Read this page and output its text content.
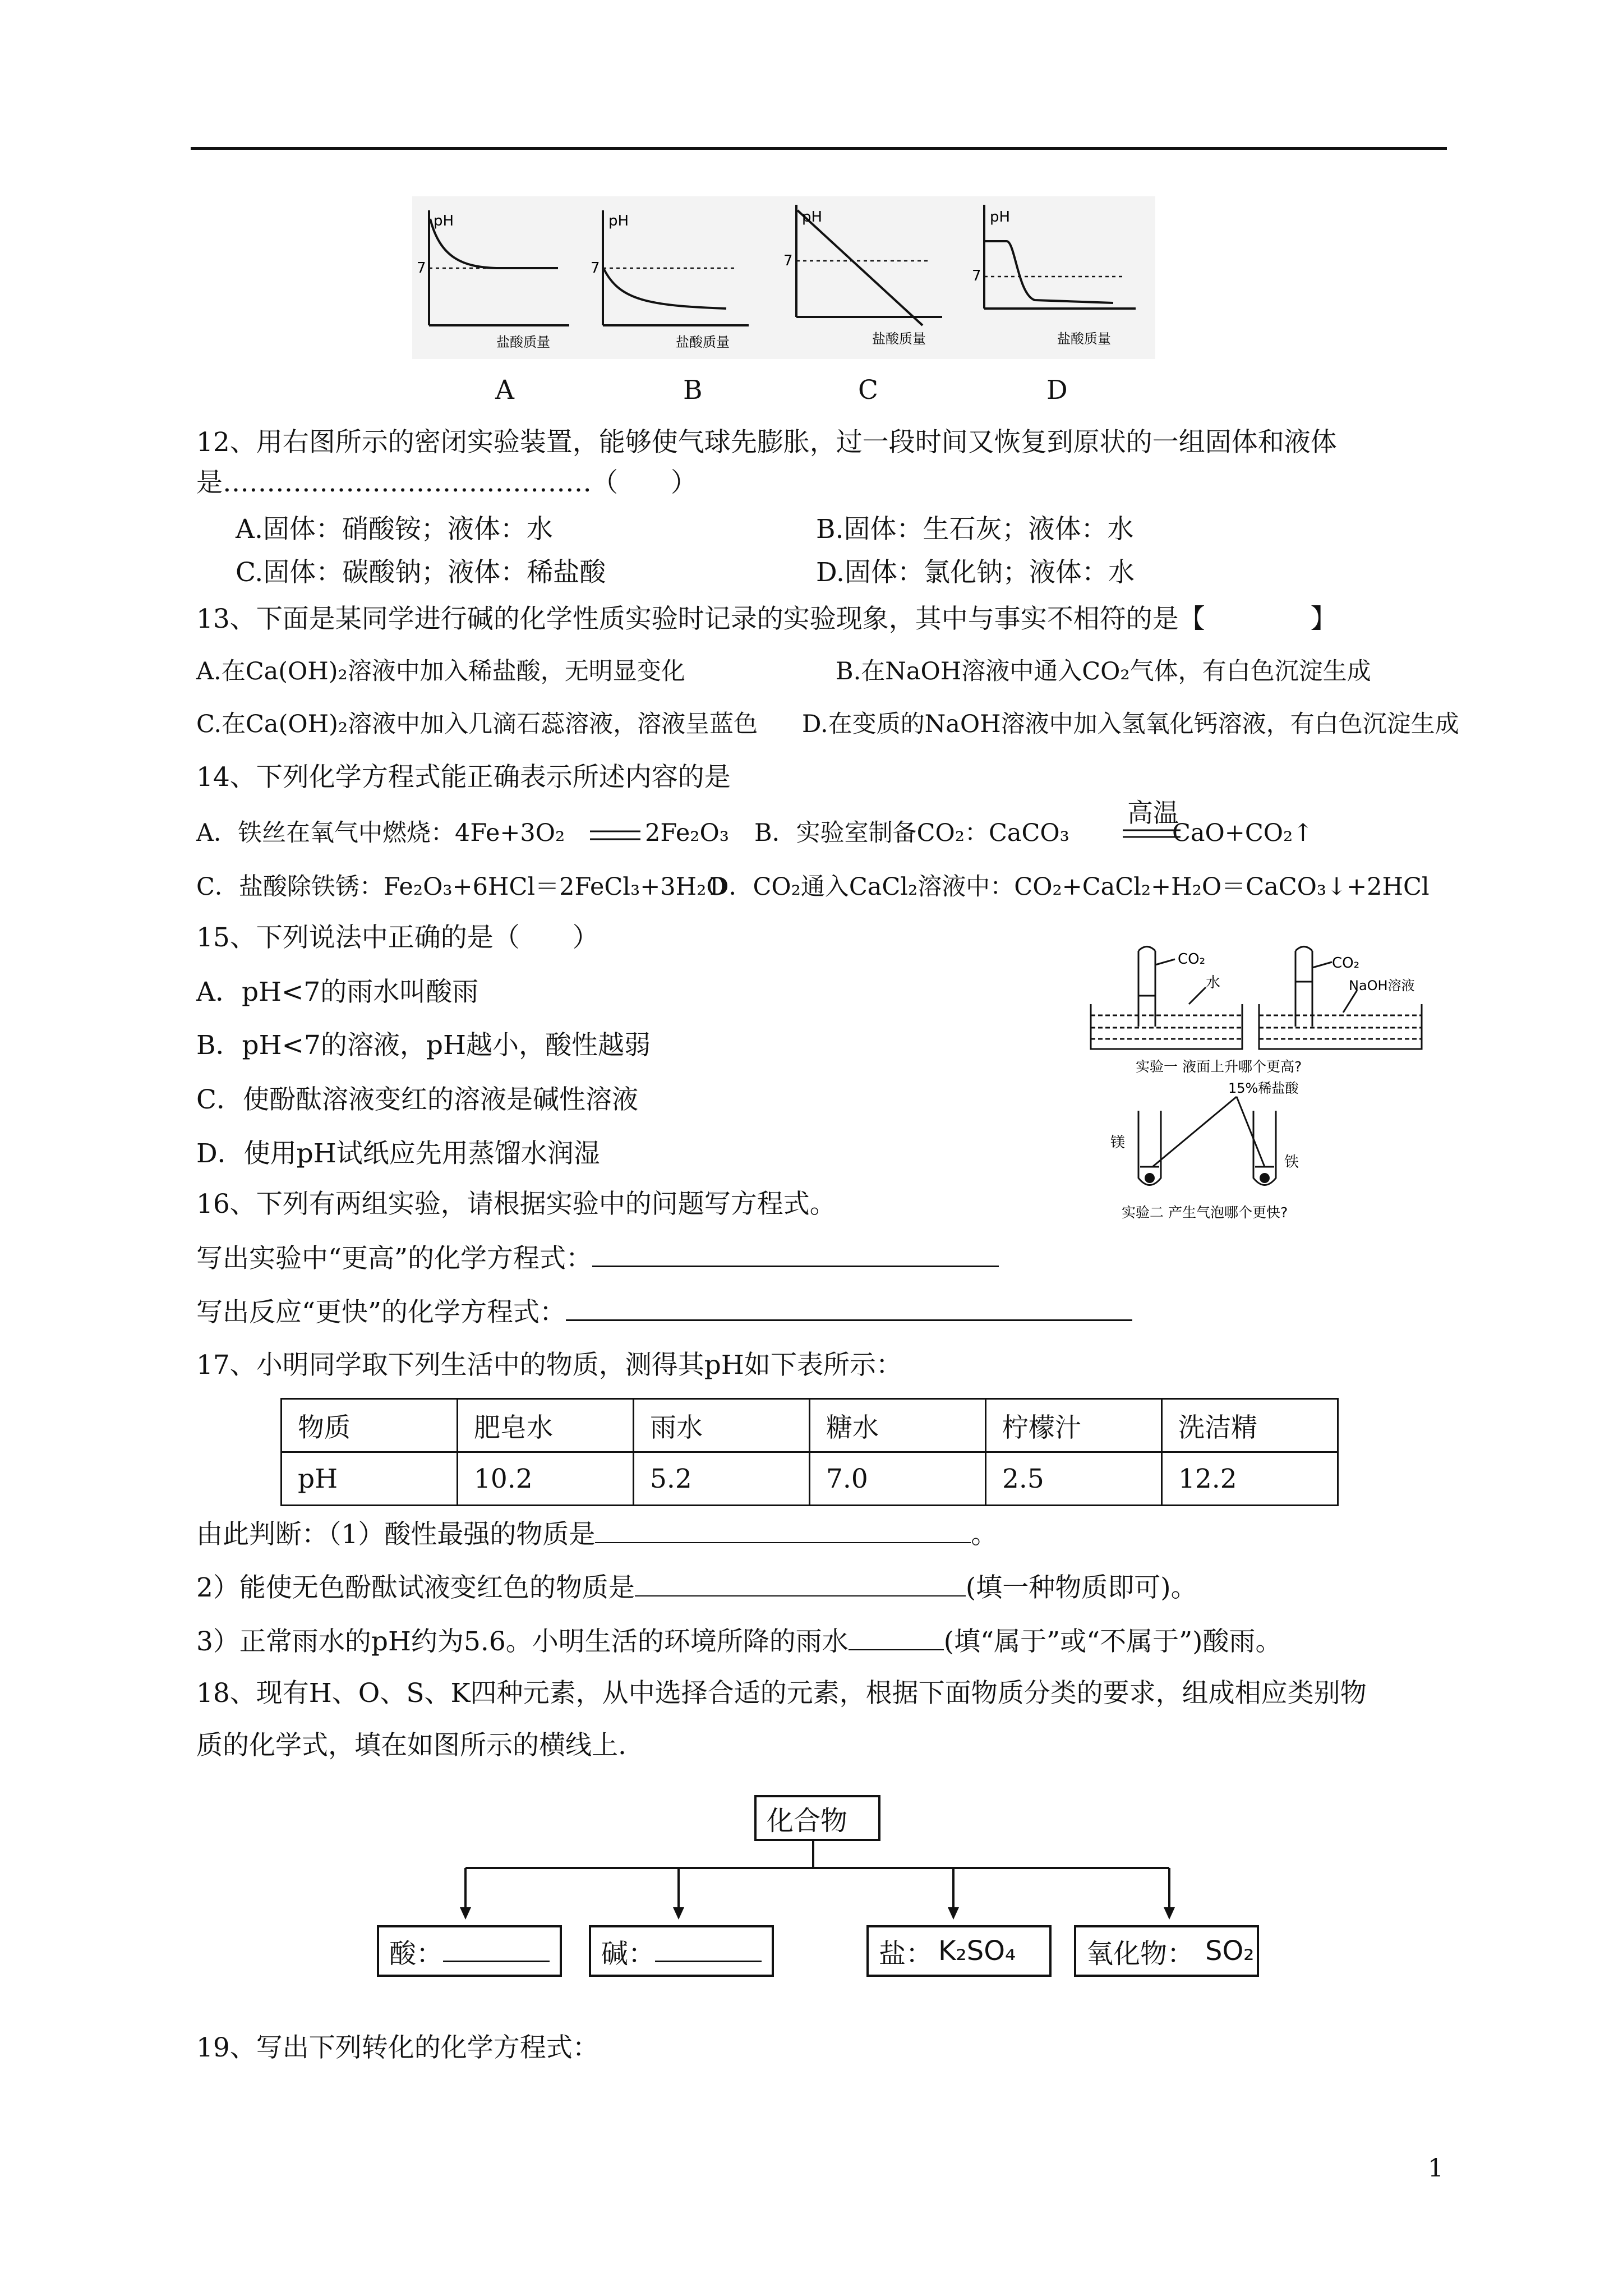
pH
7
盐酸质量
pH
7
盐酸质量
pH
7
盐酸质量
pH
7
盐酸质量
A	B	C	D
12、用右图所示的密闭实验装置，能够使气球先膨胀，过一段时间又恢复到原状的一组固体和液体
是……………………………………（　　）
A.固体：硝酸铵；液体：水	B.固体：生石灰；液体：水
C.固体：碳酸钠；液体：稀盐酸	D.固体：氯化钠；液体：水
13、下面是某同学进行碱的化学性质实验时记录的实验现象，其中与事实不相符的是【　　　　】
A.在Ca(OH)₂溶液中加入稀盐酸，无明显变化	B.在NaOH溶液中通入CO₂气体，有白色沉淀生成
C.在Ca(OH)₂溶液中加入几滴石蕊溶液，溶液呈蓝色 D.在变质的NaOH溶液中加入氢氧化钙溶液，有白色沉淀生成
14、下列化学方程式能正确表示所述内容的是
A．铁丝在氧气中燃烧：4Fe+3O₂	2Fe₂O₃ B．实验室制备CO₂：CaCO₃
高温
CaO+CO₂↑
C．盐酸除铁锈：Fe₂O₃+6HCl＝2FeCl₃+3H₂O
D．CO₂通入CaCl₂溶液中：CO₂+CaCl₂+H₂O＝CaCO₃↓+2HCl
15、下列说法中正确的是（　　）
A．pH<7的雨水叫酸雨
B．pH<7的溶液，pH越小，酸性越弱
C．使酚酞溶液变红的溶液是碱性溶液
D．使用pH试纸应先用蒸馏水润湿
CO₂
水
CO₂
NaOH溶液
实验一 液面上升哪个更高?
15%稀盐酸
镁
铁
实验二 产生气泡哪个更快?
16、下列有两组实验，请根据实验中的问题写方程式。
写出实验中“更高”的化学方程式：
写出反应“更快”的化学方程式：
17、小明同学取下列生活中的物质，测得其pH如下表所示：
物质	肥皂水	雨水	糖水	柠檬汁	洗洁精
pH	10.2	5.2	7.0	2.5	12.2
由此判断：（1）酸性最强的物质是	。
2）能使无色酚酞试液变红色的物质是	(填一种物质即可)。
3）正常雨水的pH约为5.6。小明生活的环境所降的雨水	(填“属于”或“不属于”)酸雨。
18、现有H、O、S、K四种元素，从中选择合适的元素，根据下面物质分类的要求，组成相应类别物
质的化学式，填在如图所示的横线上.
化合物
酸：	碱：	盐： K₂SO₄	氧化物： SO₂
19、写出下列转化的化学方程式：
1
